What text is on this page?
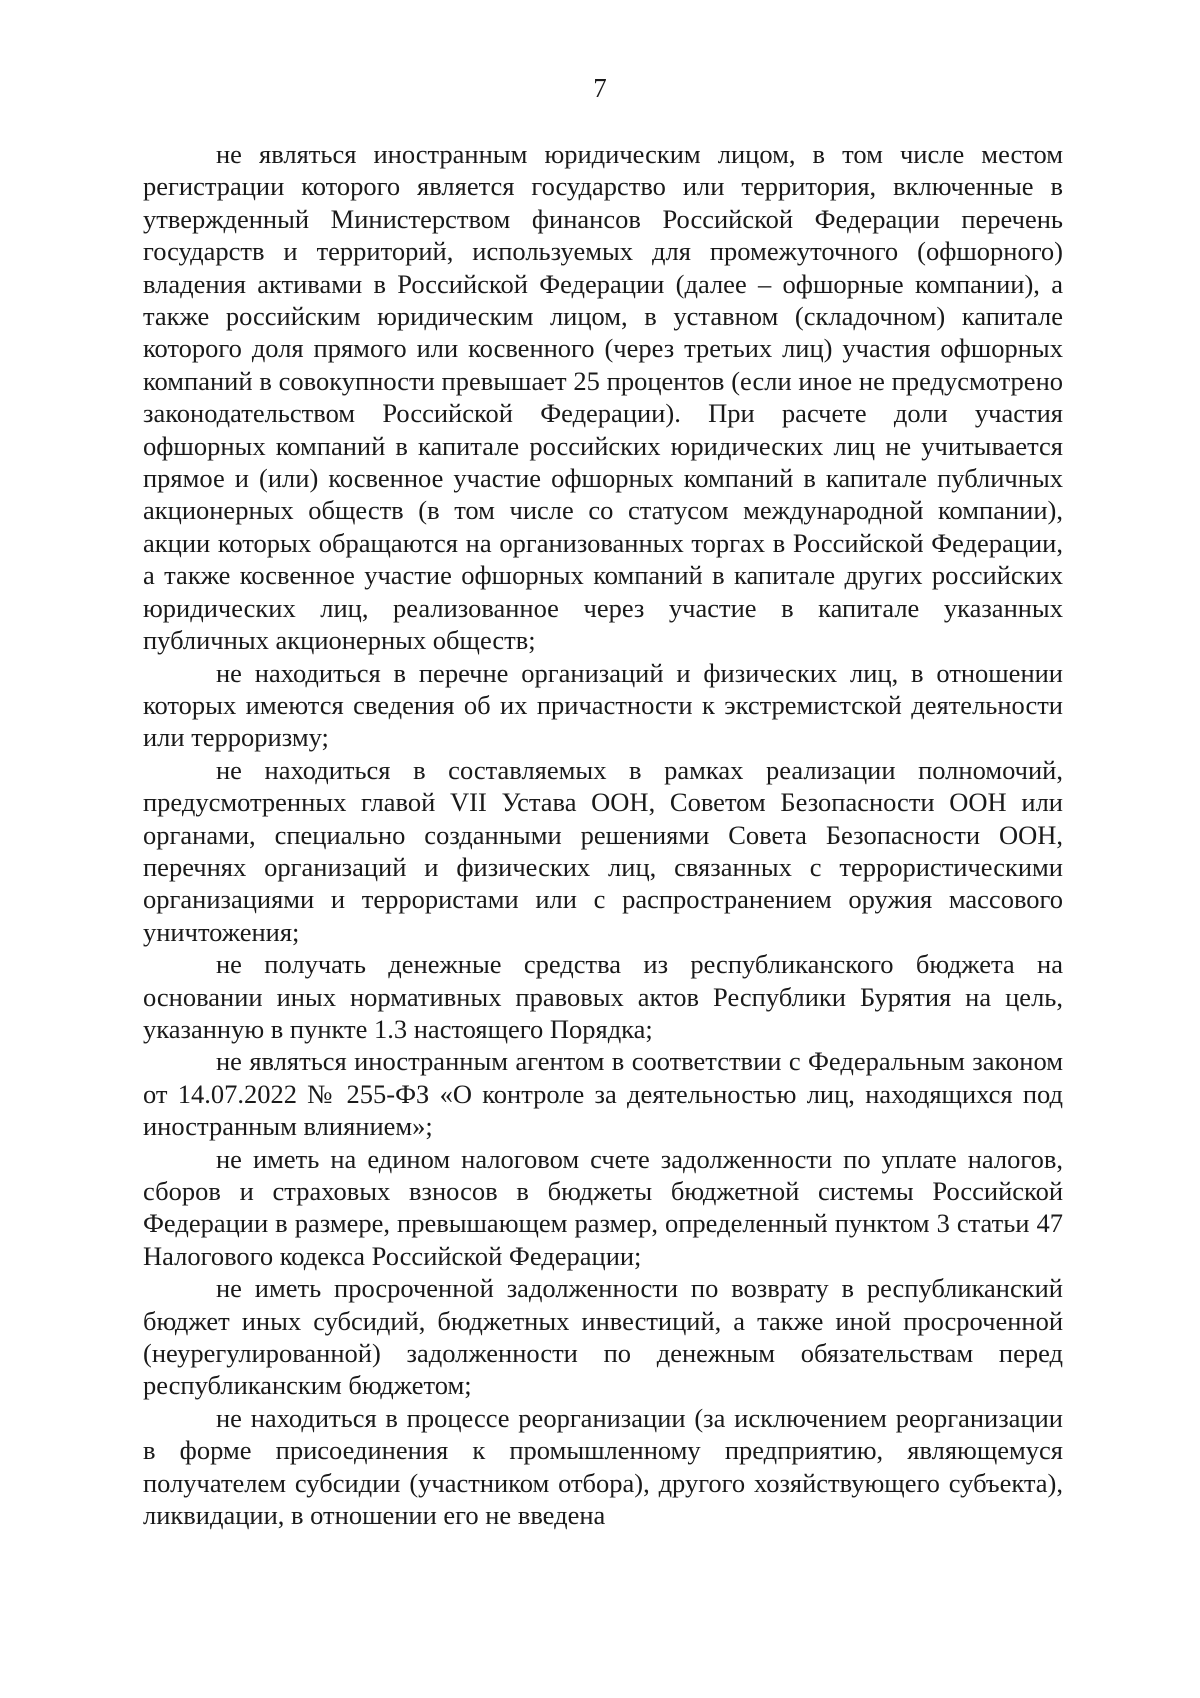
7

не являться иностранным юридическим лицом, в том числе местом регистрации которого является государство или территория, включенные в утвержденный Министерством финансов Российской Федерации перечень государств и территорий, используемых для промежуточного (офшорного) владения активами в Российской Федерации (далее – офшорные компании), а также российским юридическим лицом, в уставном (складочном) капитале которого доля прямого или косвенного (через третьих лиц) участия офшорных компаний в совокупности превышает 25 процентов (если иное не предусмотрено законодательством Российской Федерации). При расчете доли участия офшорных компаний в капитале российских юридических лиц не учитывается прямое и (или) косвенное участие офшорных компаний в капитале публичных акционерных обществ (в том числе со статусом международной компании), акции которых обращаются на организованных торгах в Российской Федерации, а также косвенное участие офшорных компаний в капитале других российских юридических лиц, реализованное через участие в капитале указанных публичных акционерных обществ;

не находиться в перечне организаций и физических лиц, в отношении которых имеются сведения об их причастности к экстремистской деятельности или терроризму;

не находиться в составляемых в рамках реализации полномочий, предусмотренных главой VII Устава ООН, Советом Безопасности ООН или органами, специально созданными решениями Совета Безопасности ООН, перечнях организаций и физических лиц, связанных с террористическими организациями и террористами или с распространением оружия массового уничтожения;

не получать денежные средства из республиканского бюджета на основании иных нормативных правовых актов Республики Бурятия на цель, указанную в пункте 1.3 настоящего Порядка;

не являться иностранным агентом в соответствии с Федеральным законом от 14.07.2022 № 255-ФЗ «О контроле за деятельностью лиц, находящихся под иностранным влиянием»;

не иметь на едином налоговом счете задолженности по уплате налогов, сборов и страховых взносов в бюджеты бюджетной системы Российской Федерации в размере, превышающем размер, определенный пунктом 3 статьи 47 Налогового кодекса Российской Федерации;

не иметь просроченной задолженности по возврату в республиканский бюджет иных субсидий, бюджетных инвестиций, а также иной просроченной (неурегулированной) задолженности по денежным обязательствам перед республиканским бюджетом;

не находиться в процессе реорганизации (за исключением реорганизации в форме присоединения к промышленному предприятию, являющемуся получателем субсидии (участником отбора), другого хозяйствующего субъекта), ликвидации, в отношении его не введена
